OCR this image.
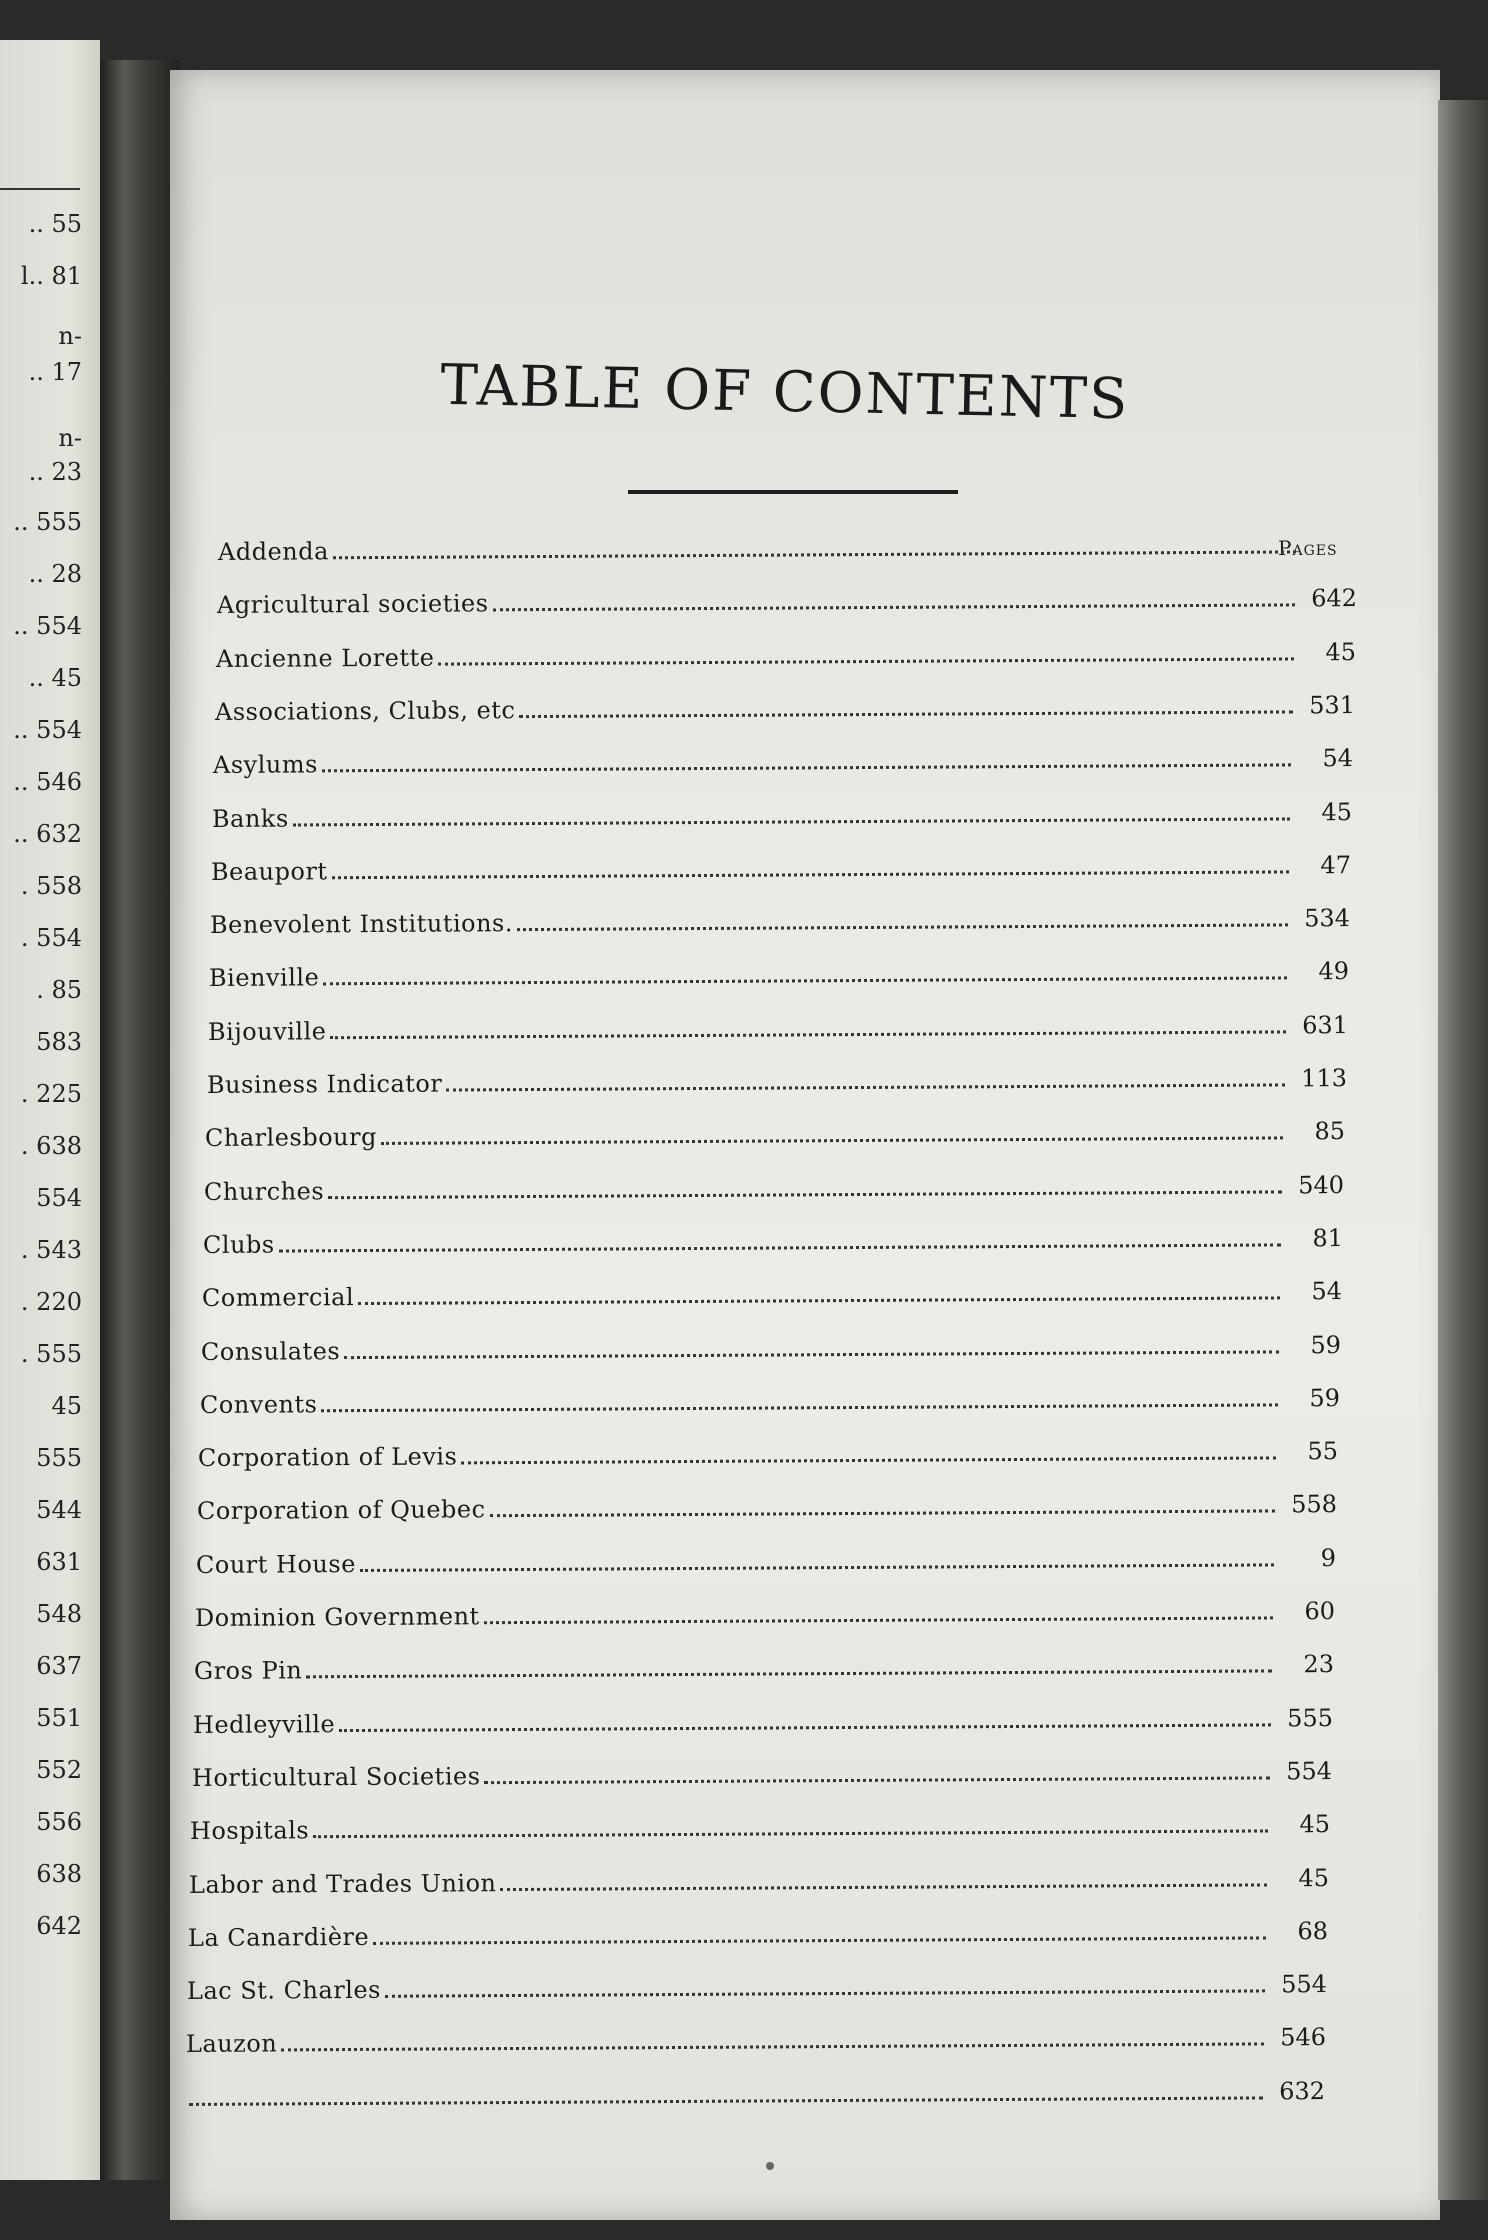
.. 55
l.. 81
n-
.. 17
n-
.. 23
.. 555
.. 28
.. 554
.. 45
.. 554
.. 546
.. 632
. 558
. 554
. 85
583
. 225
. 638
554
. 543
. 220
. 555
45
555
544
631
548
637
551
552
556
638
642
TABLE OF CONTENTS
Pages
Addenda
Agricultural societies	642
Ancienne Lorette	45
Associations, Clubs, etc	531
Asylums	54
Banks	45
Beauport	47
Benevolent Institutions.	534
Bienville	49
Bijouville	631
Business Indicator	113
Charlesbourg	85
Churches	540
Clubs	81
Commercial	54
Consulates	59
Convents	59
Corporation of Levis	55
Corporation of Quebec	558
Court House	9
Dominion Government	60
Gros Pin	23
Hedleyville	555
Horticultural Societies	554
Hospitals	45
Labor and Trades Union	45
La Canardière	68
Lac St. Charles	554
Lauzon	546
632
